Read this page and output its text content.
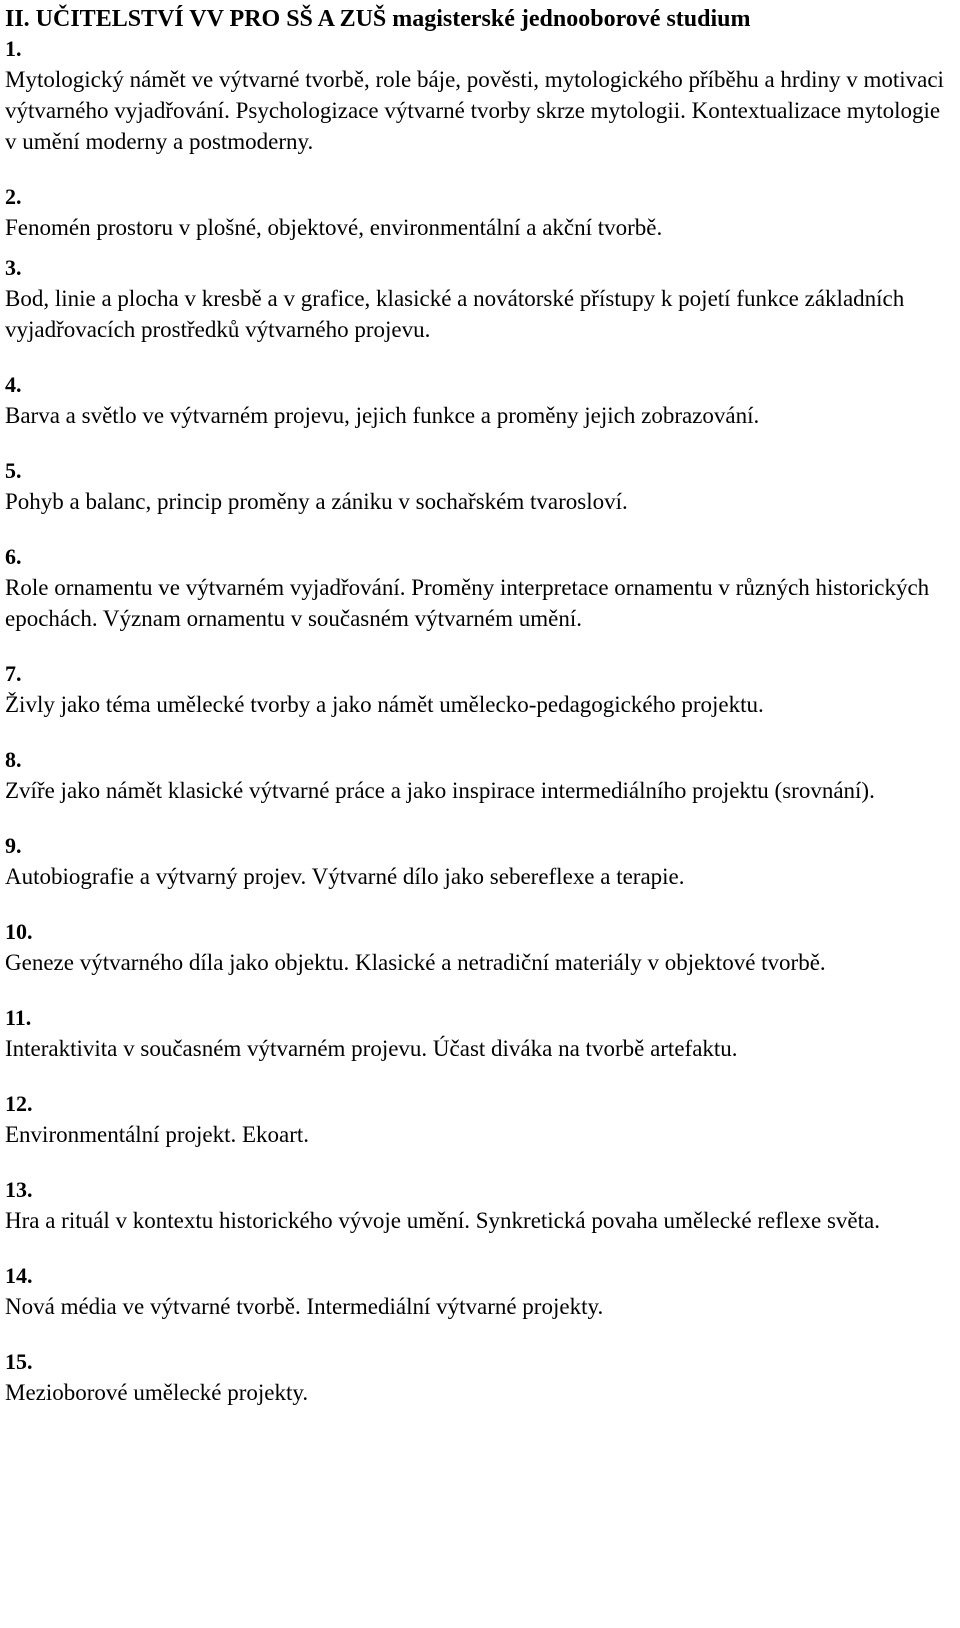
II. UČITELSTVÍ VV PRO SŠ A ZUŠ magisterské jednooborové studium

1.

Mytologický námět ve výtvarné tvorbě, role báje, pověsti, mytologického příběhu a hrdiny v motivaci výtvarného vyjadřování. Psychologizace výtvarné tvorby skrze mytologii. Kontextualizace mytologie v umění moderny a postmoderny.

2.

Fenomén prostoru v plošné, objektové, environmentální a akční tvorbě.

3.

Bod, linie a plocha v kresbě a v grafice, klasické a novátorské přístupy k pojetí funkce základních vyjadřovacích prostředků výtvarného projevu.

4.

Barva a světlo ve výtvarném projevu, jejich funkce a proměny jejich zobrazování.

5.

Pohyb a balanc, princip proměny a zániku v sochařském tvarosloví.

6.

Role ornamentu ve výtvarném vyjadřování. Proměny interpretace ornamentu v různých historických epochách. Význam ornamentu v současném výtvarném umění.

7.

Živly jako téma umělecké tvorby a jako námět umělecko-pedagogického projektu.

8.

Zvíře jako námět klasické výtvarné práce a jako inspirace intermediálního projektu (srovnání).

9.

Autobiografie a výtvarný projev. Výtvarné dílo jako sebereflexe a terapie.

10.

Geneze výtvarného díla jako objektu. Klasické a netradiční materiály v objektové tvorbě.

11.

Interaktivita v současném výtvarném projevu. Účast diváka na tvorbě artefaktu.

12.

Environmentální projekt. Ekoart.

13.

Hra a rituál v kontextu historického vývoje umění. Synkretická povaha umělecké reflexe světa.

14.

Nová média ve výtvarné tvorbě. Intermediální výtvarné projekty.

15.

Mezioborové umělecké projekty.
